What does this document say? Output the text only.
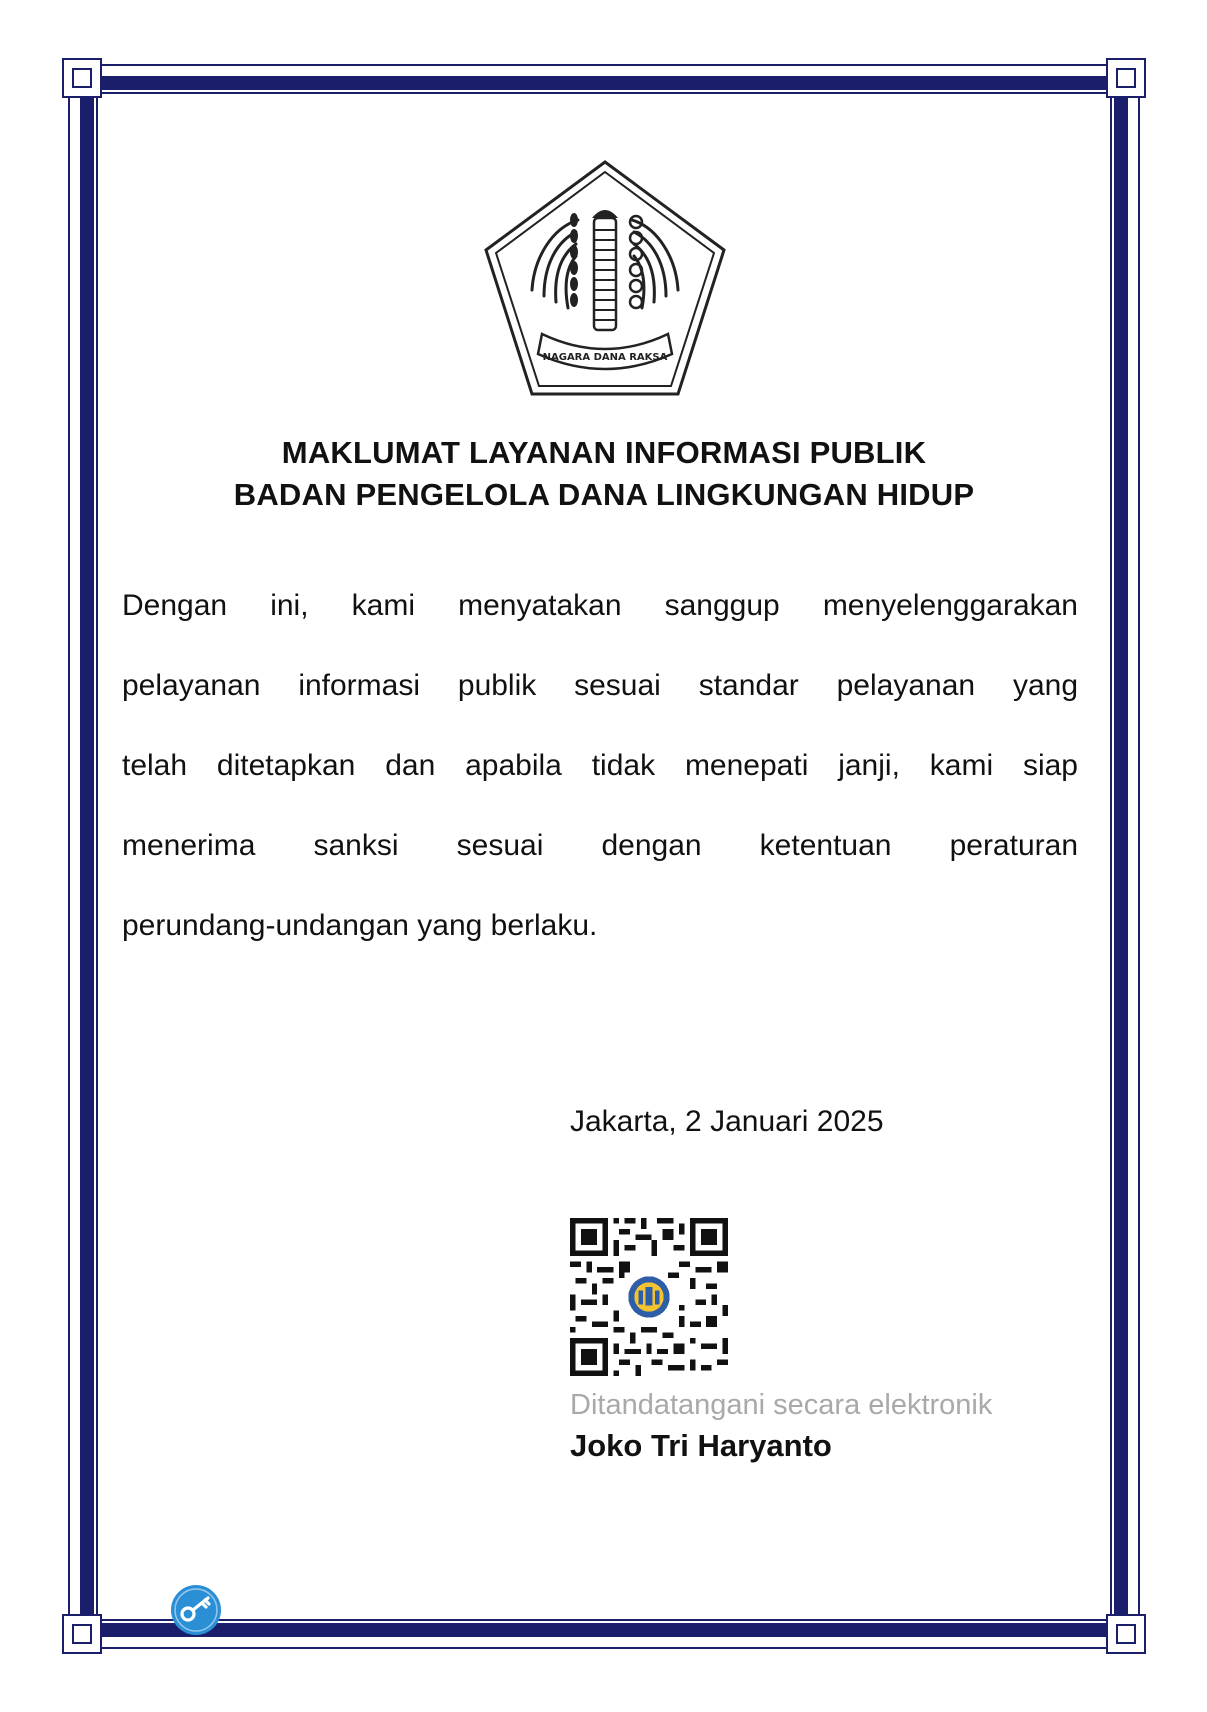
NAGARA DANA RAKSA
MAKLUMAT LAYANAN INFORMASI PUBLIK
BADAN PENGELOLA DANA LINGKUNGAN HIDUP
Dengan ini, kami menyatakan sanggup menyelenggarakan
pelayanan informasi publik sesuai standar pelayanan yang
telah ditetapkan dan apabila tidak menepati janji, kami siap
menerima sanksi sesuai dengan ketentuan peraturan
perundang-undangan yang berlaku.
Jakarta, 2 Januari 2025
Ditandatangani secara elektronik
Joko Tri Haryanto
